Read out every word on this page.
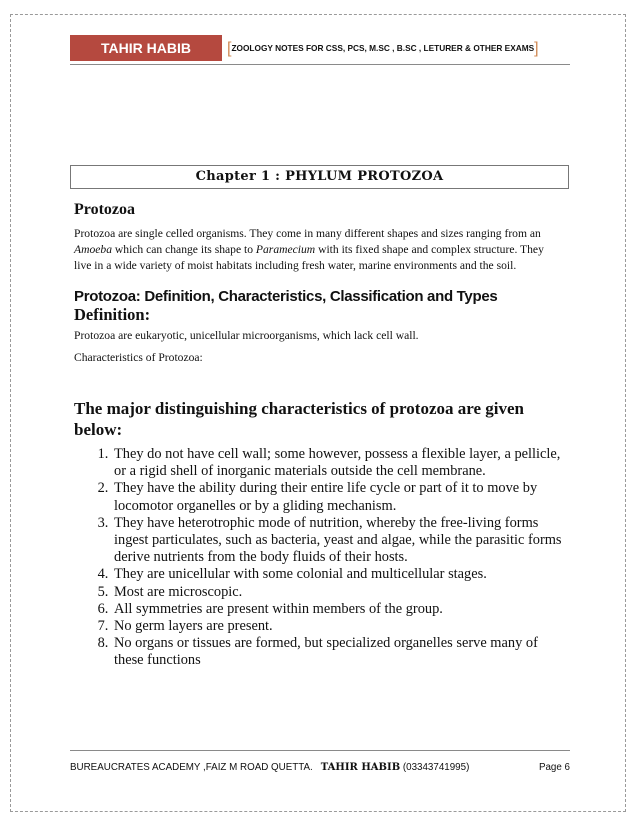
TAHIR HABIB	[ZOOLOGY NOTES FOR CSS, PCS, M.SC , B.SC , LETURER & OTHER EXAMS]
Chapter 1 : PHYLUM PROTOZOA
Protozoa

Protozoa are single celled organisms. They come in many different shapes and sizes ranging from an Amoeba which can change its shape to Paramecium with its fixed shape and complex structure. They live in a wide variety of moist habitats including fresh water, marine environments and the soil.

Protozoa: Definition, Characteristics, Classification and Types
Definition:

Protozoa are eukaryotic, unicellular microorganisms, which lack cell wall.

Characteristics of Protozoa:

The major distinguishing characteristics of protozoa are given below:
1. They do not have cell wall; some however, possess a flexible layer, a pellicle, or a rigid shell of inorganic materials outside the cell membrane.
2. They have the ability during their entire life cycle or part of it to move by locomotor organelles or by a gliding mechanism.
3. They have heterotrophic mode of nutrition, whereby the free-living forms ingest particulates, such as bacteria, yeast and algae, while the parasitic forms derive nutrients from the body fluids of their hosts.
4. They are unicellular with some colonial and multicellular stages.
5. Most are microscopic.
6. All symmetries are present within members of the group.
7. No germ layers are present.
8. No organs or tissues are formed, but specialized organelles serve many of these functions
BUREAUCRATES ACADEMY ,FAIZ M ROAD QUETTA. TAHIR HABIB (03343741995)	Page 6
